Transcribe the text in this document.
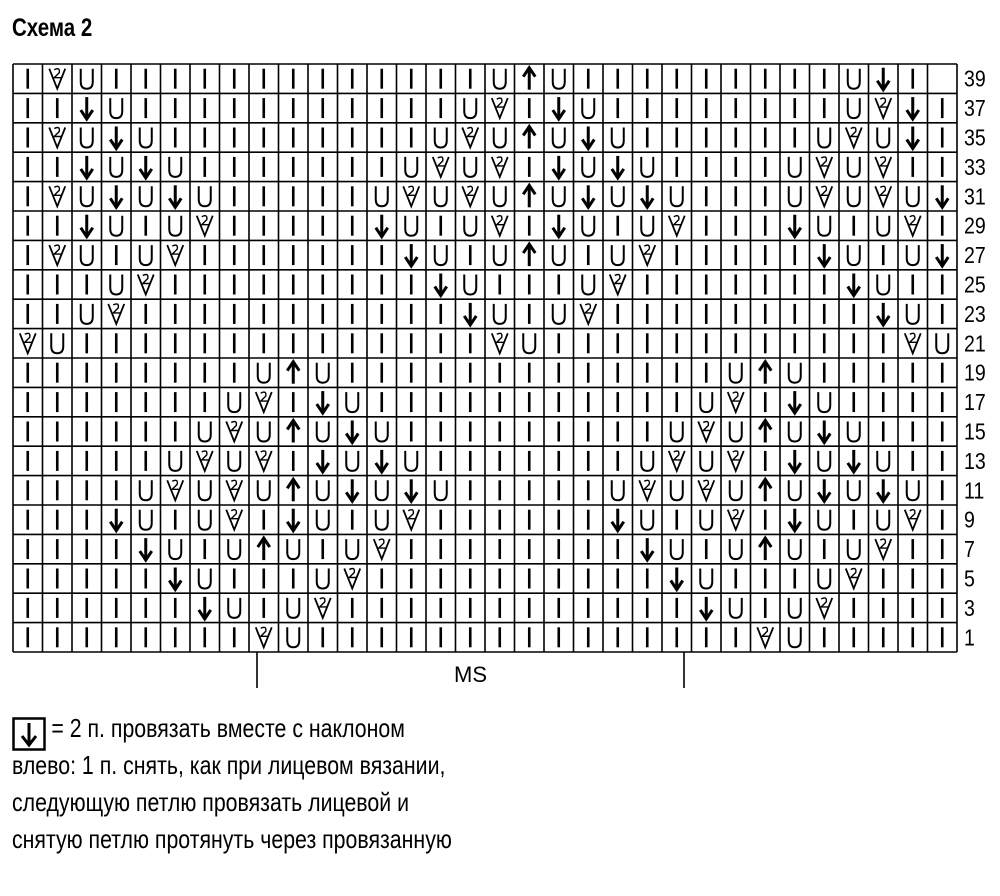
Схема 2
39
37
35
33
31
29
27
25
23
21
19
17
15
13
11
9
7
5
3
1
MS
= 2 п. провязать вместе с наклоном
влево: 1 п. снять, как при лицевом вязании,
следующую петлю провязать лицевой и
снятую петлю протянуть через провязанную
